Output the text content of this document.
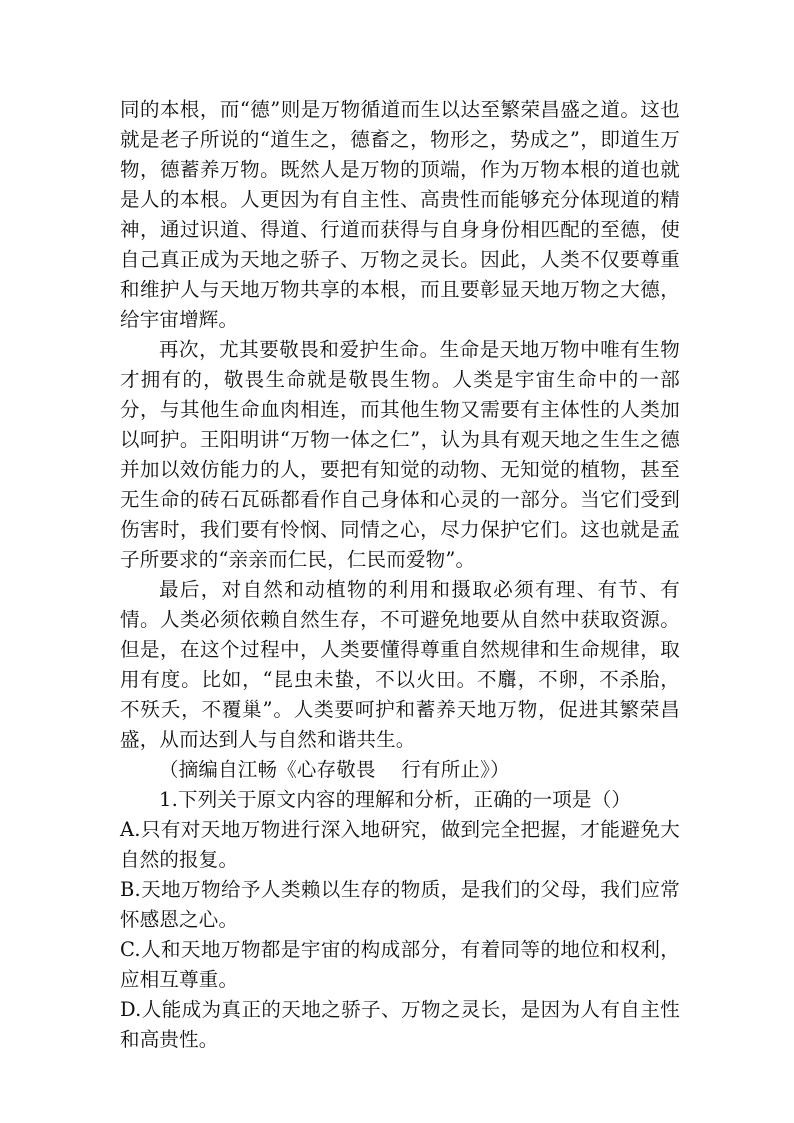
同的本根，而“德”则是万物循道而生以达至繁荣昌盛之道。这也就是老子所说的“道生之，德畜之，物形之，势成之”，即道生万物，德蓄养万物。既然人是万物的顶端，作为万物本根的道也就是人的本根。人更因为有自主性、高贵性而能够充分体现道的精神，通过识道、得道、行道而获得与自身身份相匹配的至德，使自己真正成为天地之骄子、万物之灵长。因此，人类不仅要尊重和维护人与天地万物共享的本根，而且要彰显天地万物之大德，给宇宙增辉。

再次，尤其要敬畏和爱护生命。生命是天地万物中唯有生物才拥有的，敬畏生命就是敬畏生物。人类是宇宙生命中的一部分，与其他生命血肉相连，而其他生物又需要有主体性的人类加以呵护。王阳明讲“万物一体之仁”，认为具有观天地之生生之德并加以效仿能力的人，要把有知觉的动物、无知觉的植物，甚至无生命的砖石瓦砾都看作自己身体和心灵的一部分。当它们受到伤害时，我们要有怜悯、同情之心，尽力保护它们。这也就是孟子所要求的“亲亲而仁民，仁民而爱物”。

最后，对自然和动植物的利用和摄取必须有理、有节、有情。人类必须依赖自然生存，不可避免地要从自然中获取资源。但是，在这个过程中，人类要懂得尊重自然规律和生命规律，取用有度。比如，“昆虫未蛰，不以火田。不麛，不卵，不杀胎，不殀夭，不覆巢”。人类要呵护和蓄养天地万物，促进其繁荣昌盛，从而达到人与自然和谐共生。

（摘编自江畅《心存敬畏 行有所止》）

1.下列关于原文内容的理解和分析，正确的一项是（）

A.只有对天地万物进行深入地研究，做到完全把握，才能避免大自然的报复。

B.天地万物给予人类赖以生存的物质，是我们的父母，我们应常怀感恩之心。

C.人和天地万物都是宇宙的构成部分，有着同等的地位和权利，应相互尊重。

D.人能成为真正的天地之骄子、万物之灵长，是因为人有自主性和高贵性。
